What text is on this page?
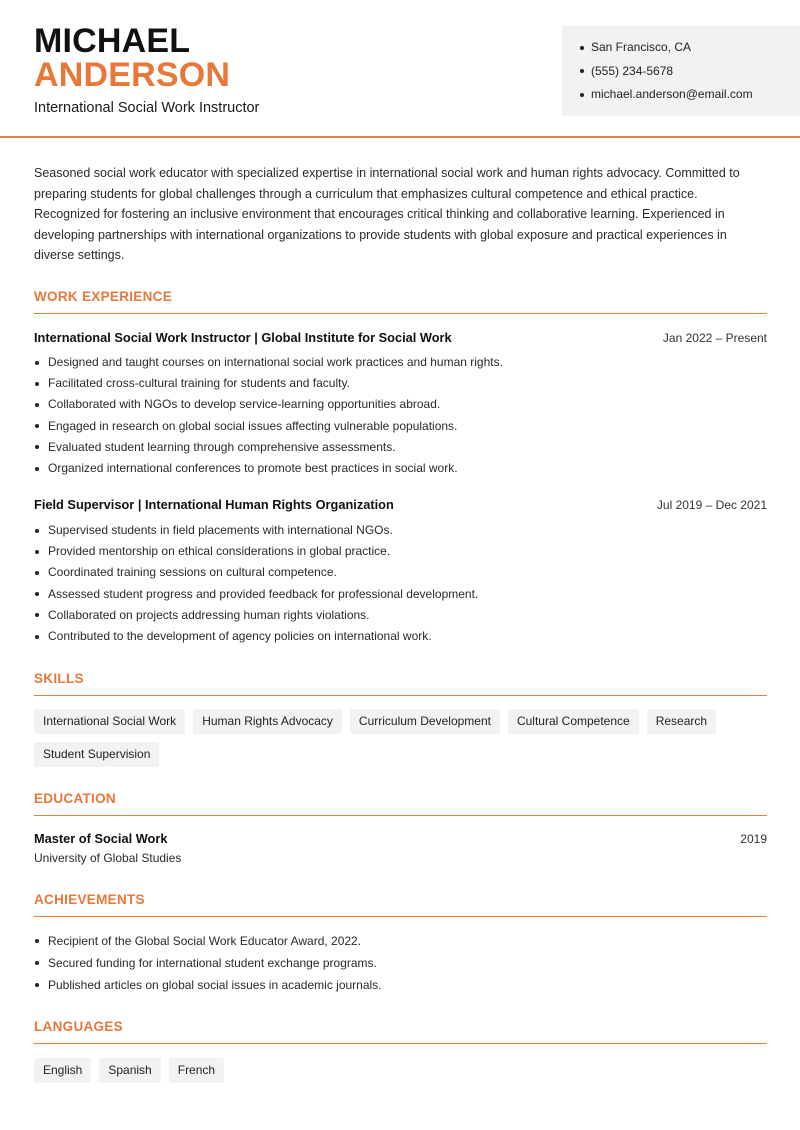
MICHAEL
ANDERSON
International Social Work Instructor
San Francisco, CA
(555) 234-5678
michael.anderson@email.com
Seasoned social work educator with specialized expertise in international social work and human rights advocacy. Committed to preparing students for global challenges through a curriculum that emphasizes cultural competence and ethical practice. Recognized for fostering an inclusive environment that encourages critical thinking and collaborative learning. Experienced in developing partnerships with international organizations to provide students with global exposure and practical experiences in diverse settings.
WORK EXPERIENCE
International Social Work Instructor | Global Institute for Social Work	Jan 2022 – Present
Designed and taught courses on international social work practices and human rights.
Facilitated cross-cultural training for students and faculty.
Collaborated with NGOs to develop service-learning opportunities abroad.
Engaged in research on global social issues affecting vulnerable populations.
Evaluated student learning through comprehensive assessments.
Organized international conferences to promote best practices in social work.
Field Supervisor | International Human Rights Organization	Jul 2019 – Dec 2021
Supervised students in field placements with international NGOs.
Provided mentorship on ethical considerations in global practice.
Coordinated training sessions on cultural competence.
Assessed student progress and provided feedback for professional development.
Collaborated on projects addressing human rights violations.
Contributed to the development of agency policies on international work.
SKILLS
International Social Work	Human Rights Advocacy	Curriculum Development	Cultural Competence	Research
Student Supervision
EDUCATION
Master of Social Work	2019
University of Global Studies
ACHIEVEMENTS
Recipient of the Global Social Work Educator Award, 2022.
Secured funding for international student exchange programs.
Published articles on global social issues in academic journals.
LANGUAGES
English	Spanish	French
